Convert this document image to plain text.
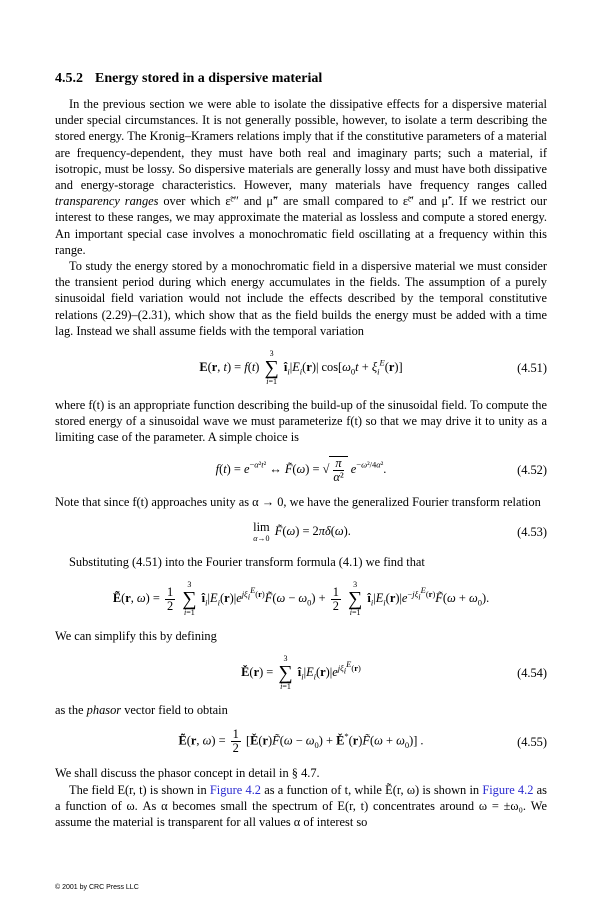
4.5.2 Energy stored in a dispersive material

In the previous section we were able to isolate the dissipative effects for a dispersive material under special circumstances. It is not generally possible, however, to isolate a term describing the stored energy. The Kronig–Kramers relations imply that if the constitutive parameters of a material are frequency-dependent, they must have both real and imaginary parts; such a material, if isotropic, must be lossy. So dispersive materials are generally lossy and must have both dissipative and energy-storage characteristics. However, many materials have frequency ranges called transparency ranges over which ε̃ᶜ″ and μ̃″ are small compared to ε̃ᶜ′ and μ̃′. If we restrict our interest to these ranges, we may approximate the material as lossless and compute a stored energy. An important special case involves a monochromatic field oscillating at a frequency within this range.

To study the energy stored by a monochromatic field in a dispersive material we must consider the transient period during which energy accumulates in the fields. The assumption of a purely sinusoidal field variation would not include the effects described by the temporal constitutive relations (2.29)–(2.31), which show that as the field builds the energy must be added with a time lag. Instead we shall assume fields with the temporal variation

E(r, t) = f(t)
3
∑
i=1
$î_i|E_i(r)|$ $\cos[\omega_0t + \xi_i^E(r)]$	(4.51)

where f(t) is an appropriate function describing the build-up of the sinusoidal field. To compute the stored energy of a sinusoidal wave we must parameterize f(t) so that we may drive it to unity as a limiting case of the parameter. A simple choice is

$f(t) = e^{-\alpha^2t^2}$ ↔ F̃(ω) = √ $\frac{\pi}{\text{α²}} e^{-\omega^2/4\alpha^2}$.	(4.52)

Note that since f(t) approaches unity as α → 0, we have the generalized Fourier transform relation

lim
α→0
F̃(ω) = 2πδ(ω).	(4.53)

Substituting (4.51) into the Fourier transform formula (4.1) we find that

Ẽ(r, $\omega) = \frac{1}{2}$

3
∑
i=1
$î_i|E_i(r)|e^{j\xi_i^E(r)}F̃(\omega - \omega_0) + \frac{1}{2}$

3
∑
i=1
$î_i|E_i(r)|e^{-j\xi_i^E(r)}F̃(\omega + \omega_0)$.

We can simplify this by defining

Ě(r) =
3
∑
i=1
$î_i|E_i(r)|e^{j\xi_i^E(r)}$	(4.54)

as the phasor vector field to obtain

Ẽ(r, $\omega) = \frac{1}{2}$ [Ě(r)F̃(ω − $\omega_0$) + Ě*(r)F̃(ω + $\omega_0$)] .	(4.55)

We shall discuss the phasor concept in detail in § 4.7.

The field E(r, t) is shown in Figure 4.2 as a function of t, while Ẽ(r, ω) is shown in Figure 4.2 as a function of ω. As α becomes small the spectrum of E(r, t) concentrates around ω = ±ω₀. We assume the material is transparent for all values α of interest so

© 2001 by CRC Press LLC
